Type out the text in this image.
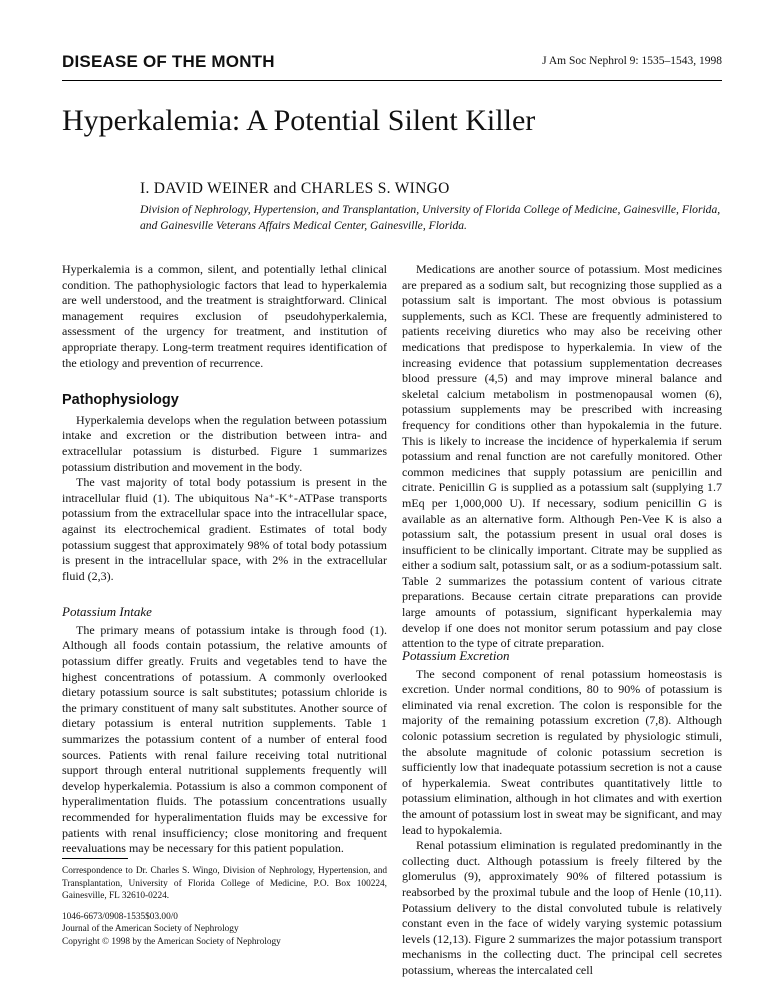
DISEASE OF THE MONTH	J Am Soc Nephrol 9: 1535–1543, 1998
Hyperkalemia: A Potential Silent Killer
I. DAVID WEINER and CHARLES S. WINGO
Division of Nephrology, Hypertension, and Transplantation, University of Florida College of Medicine, Gainesville, Florida, and Gainesville Veterans Affairs Medical Center, Gainesville, Florida.

Hyperkalemia is a common, silent, and potentially lethal clinical condition. The pathophysiologic factors that lead to hyperkalemia are well understood, and the treatment is straightforward. Clinical management requires exclusion of pseudohyperkalemia, assessment of the urgency for treatment, and institution of appropriate therapy. Long-term treatment requires identification of the etiology and prevention of recurrence.

Pathophysiology

Hyperkalemia develops when the regulation between potassium intake and excretion or the distribution between intra- and extracellular potassium is disturbed. Figure 1 summarizes potassium distribution and movement in the body.

The vast majority of total body potassium is present in the intracellular fluid (1). The ubiquitous Na⁺-K⁺-ATPase transports potassium from the extracellular space into the intracellular space, against its electrochemical gradient. Estimates of total body potassium suggest that approximately 98% of total body potassium is present in the intracellular space, with 2% in the extracellular fluid (2,3).

Potassium Intake

The primary means of potassium intake is through food (1). Although all foods contain potassium, the relative amounts of potassium differ greatly. Fruits and vegetables tend to have the highest concentrations of potassium. A commonly overlooked dietary potassium source is salt substitutes; potassium chloride is the primary constituent of many salt substitutes. Another source of dietary potassium is enteral nutrition supplements. Table 1 summarizes the potassium content of a number of enteral food sources. Patients with renal failure receiving total nutritional support through enteral nutritional supplements frequently will develop hyperkalemia. Potassium is also a common component of hyperalimentation fluids. The potassium concentrations usually recommended for hyperalimentation fluids may be excessive for patients with renal insufficiency; close monitoring and frequent reevaluations may be necessary for this patient population.

Medications are another source of potassium. Most medicines are prepared as a sodium salt, but recognizing those supplied as a potassium salt is important. The most obvious is potassium supplements, such as KCl. These are frequently administered to patients receiving diuretics who may also be receiving other medications that predispose to hyperkalemia. In view of the increasing evidence that potassium supplementation decreases blood pressure (4,5) and may improve mineral balance and skeletal calcium metabolism in postmenopausal women (6), potassium supplements may be prescribed with increasing frequency for conditions other than hypokalemia in the future. This is likely to increase the incidence of hyperkalemia if serum potassium and renal function are not carefully monitored. Other common medicines that supply potassium are penicillin and citrate. Penicillin G is supplied as a potassium salt (supplying 1.7 mEq per 1,000,000 U). If necessary, sodium penicillin G is available as an alternative form. Although Pen-Vee K is also a potassium salt, the potassium present in usual oral doses is insufficient to be clinically important. Citrate may be supplied as either a sodium salt, potassium salt, or as a sodium-potassium salt. Table 2 summarizes the potassium content of various citrate preparations. Because certain citrate preparations can provide large amounts of potassium, significant hyperkalemia may develop if one does not monitor serum potassium and pay close attention to the type of citrate preparation.

Potassium Excretion

The second component of renal potassium homeostasis is excretion. Under normal conditions, 80 to 90% of potassium is eliminated via renal excretion. The colon is responsible for the majority of the remaining potassium excretion (7,8). Although colonic potassium secretion is regulated by physiologic stimuli, the absolute magnitude of colonic potassium secretion is sufficiently low that inadequate potassium secretion is not a cause of hyperkalemia. Sweat contributes quantitatively little to potassium elimination, although in hot climates and with exertion the amount of potassium lost in sweat may be significant, and may lead to hypokalemia.

Renal potassium elimination is regulated predominantly in the collecting duct. Although potassium is freely filtered by the glomerulus (9), approximately 90% of filtered potassium is reabsorbed by the proximal tubule and the loop of Henle (10,11). Potassium delivery to the distal convoluted tubule is relatively constant even in the face of widely varying systemic potassium levels (12,13). Figure 2 summarizes the major potassium transport mechanisms in the collecting duct. The principal cell secretes potassium, whereas the intercalated cell

Correspondence to Dr. Charles S. Wingo, Division of Nephrology, Hypertension, and Transplantation, University of Florida College of Medicine, P.O. Box 100224, Gainesville, FL 32610-0224.
1046-6673/0908-1535$03.00/0
Journal of the American Society of Nephrology
Copyright © 1998 by the American Society of Nephrology
